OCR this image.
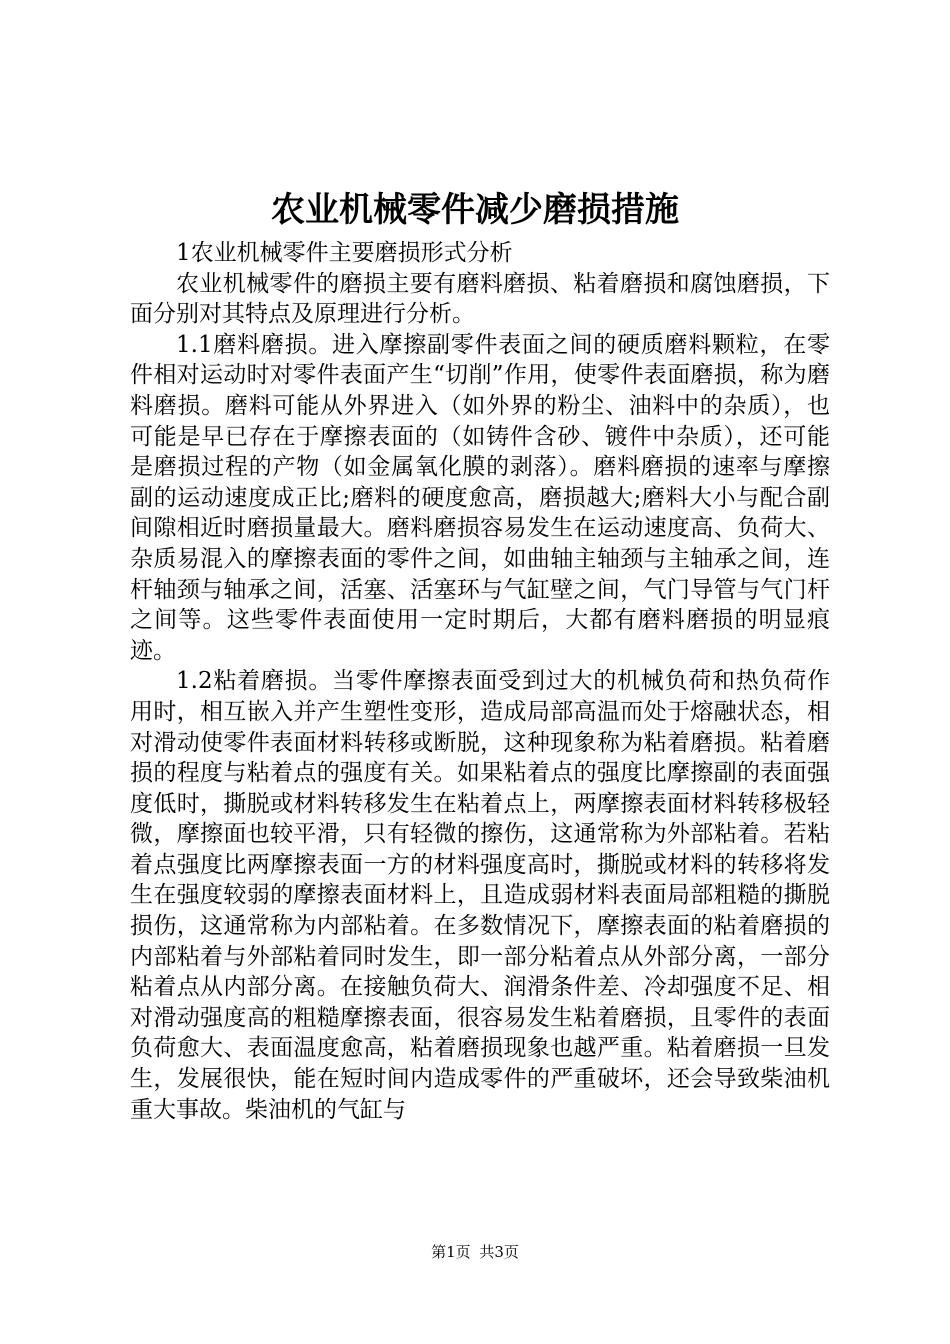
农业机械零件减少磨损措施

1农业机械零件主要磨损形式分析

农业机械零件的磨损主要有磨料磨损、粘着磨损和腐蚀磨损，下面分别对其特点及原理进行分析。

1.1磨料磨损。进入摩擦副零件表面之间的硬质磨料颗粒，在零件相对运动时对零件表面产生“切削”作用，使零件表面磨损，称为磨料磨损。磨料可能从外界进入（如外界的粉尘、油料中的杂质），也可能是早已存在于摩擦表面的（如铸件含砂、镀件中杂质），还可能是磨损过程的产物（如金属氧化膜的剥落）。磨料磨损的速率与摩擦副的运动速度成正比;磨料的硬度愈高，磨损越大;磨料大小与配合副间隙相近时磨损量最大。磨料磨损容易发生在运动速度高、负荷大、杂质易混入的摩擦表面的零件之间，如曲轴主轴颈与主轴承之间，连杆轴颈与轴承之间，活塞、活塞环与气缸壁之间，气门导管与气门杆之间等。这些零件表面使用一定时期后，大都有磨料磨损的明显痕迹。

1.2粘着磨损。当零件摩擦表面受到过大的机械负荷和热负荷作用时，相互嵌入并产生塑性变形，造成局部高温而处于熔融状态，相对滑动使零件表面材料转移或断脱，这种现象称为粘着磨损。粘着磨损的程度与粘着点的强度有关。如果粘着点的强度比摩擦副的表面强度低时，撕脱或材料转移发生在粘着点上，两摩擦表面材料转移极轻微，摩擦面也较平滑，只有轻微的擦伤，这通常称为外部粘着。若粘着点强度比两摩擦表面一方的材料强度高时，撕脱或材料的转移将发生在强度较弱的摩擦表面材料上，且造成弱材料表面局部粗糙的撕脱损伤，这通常称为内部粘着。在多数情况下，摩擦表面的粘着磨损的内部粘着与外部粘着同时发生，即一部分粘着点从外部分离，一部分粘着点从内部分离。在接触负荷大、润滑条件差、冷却强度不足、相对滑动强度高的粗糙摩擦表面，很容易发生粘着磨损，且零件的表面负荷愈大、表面温度愈高，粘着磨损现象也越严重。粘着磨损一旦发生，发展很快，能在短时间内造成零件的严重破坏，还会导致柴油机重大事故。柴油机的气缸与

第1页 共3页
